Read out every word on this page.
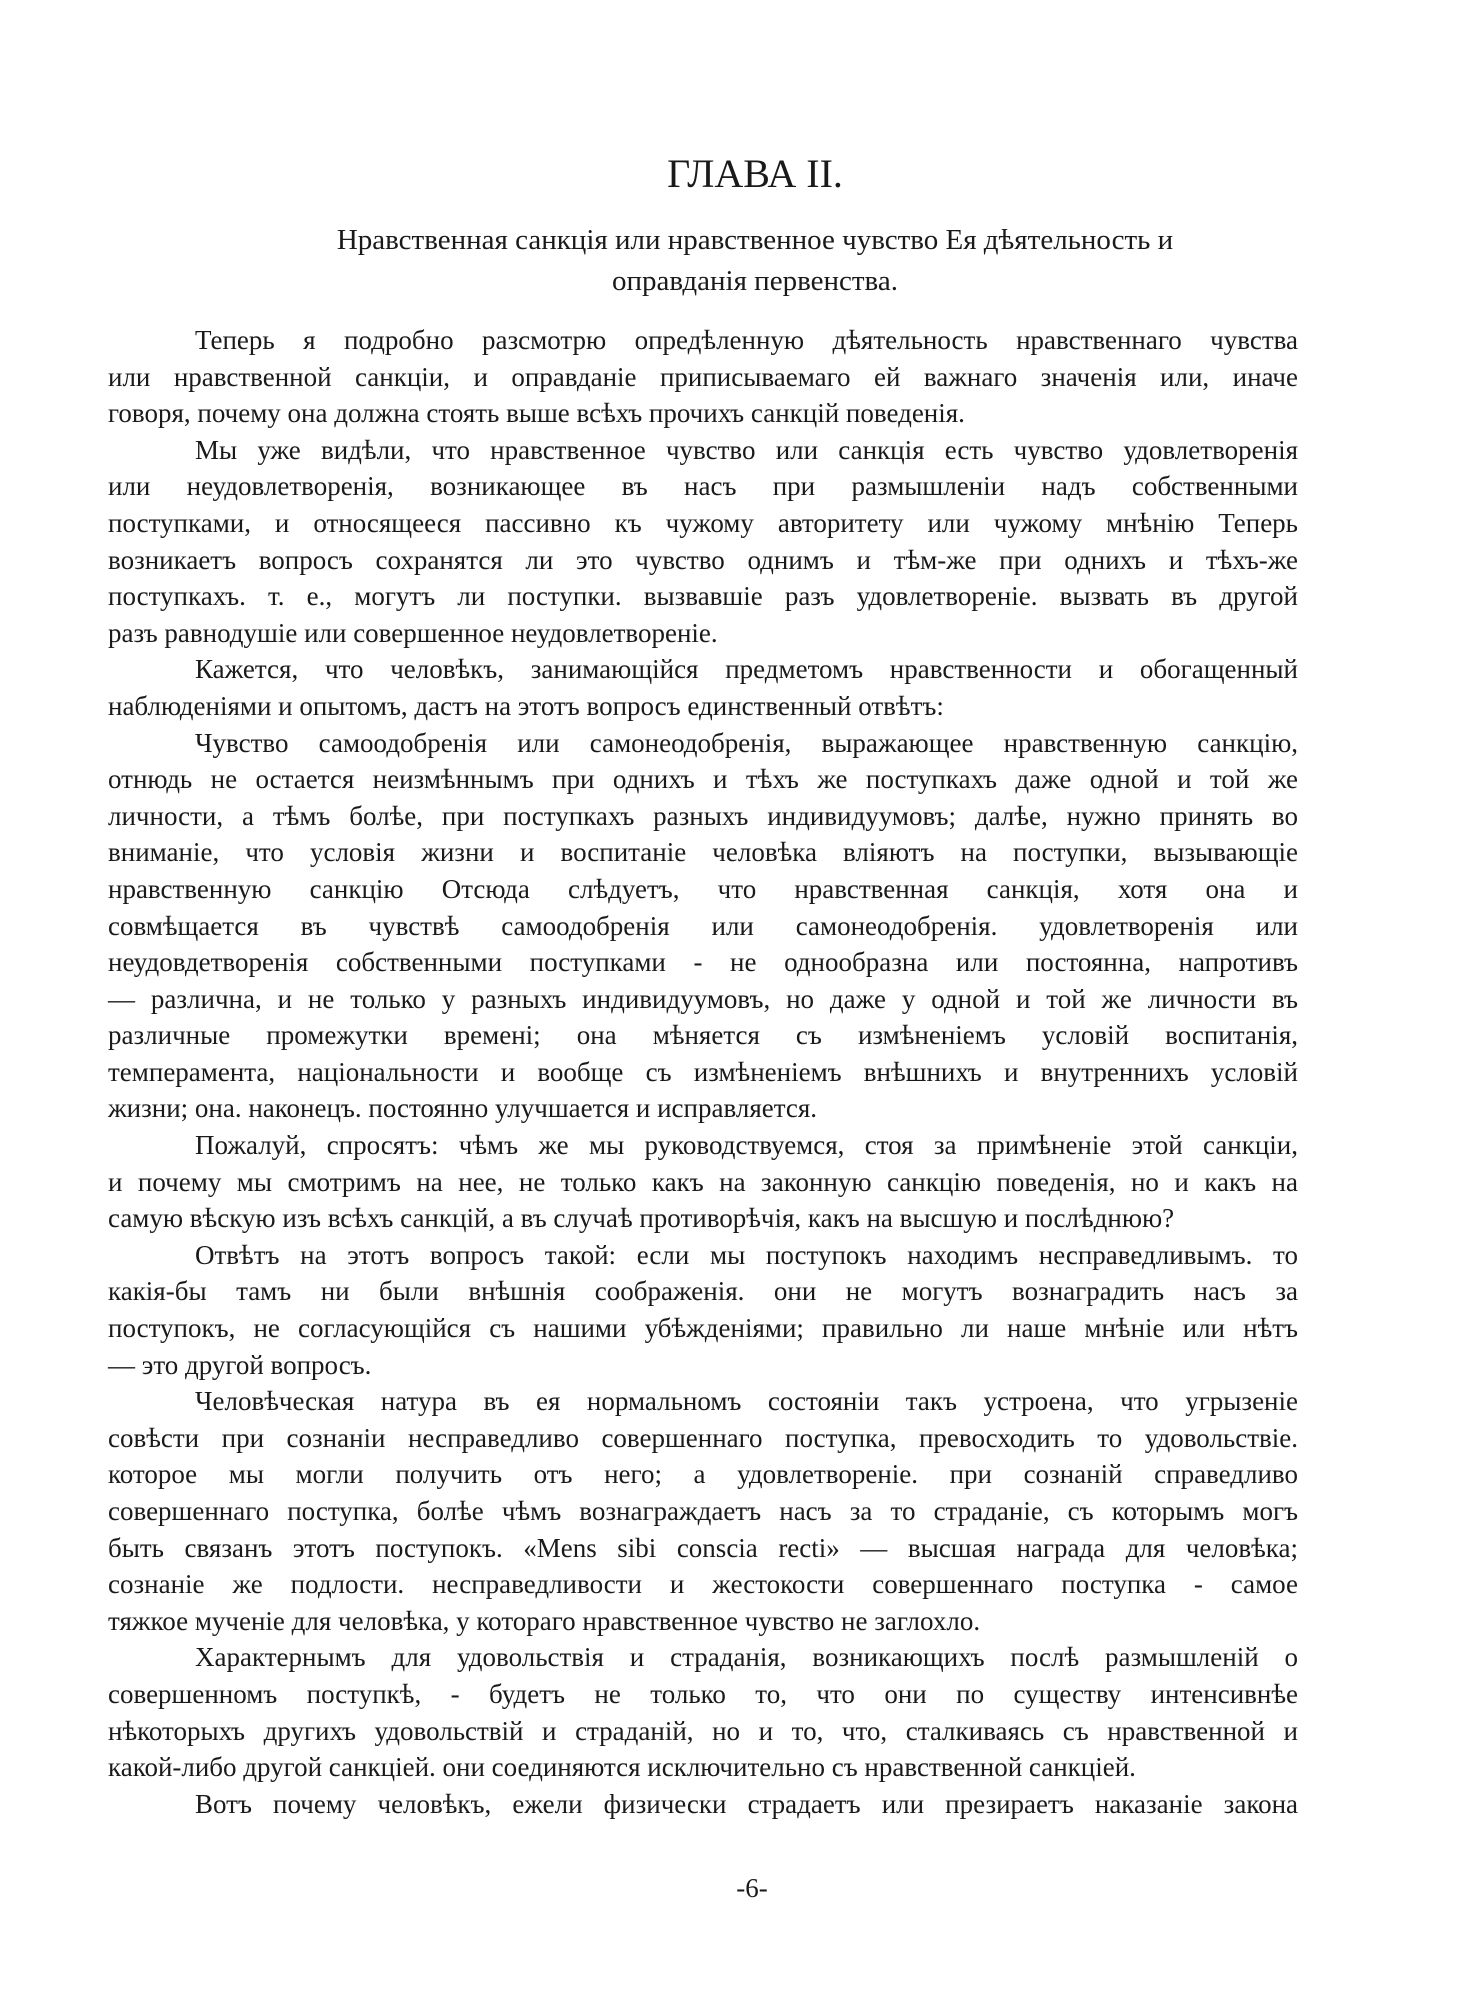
ГЛАВА II.
Нравственная санкція или нравственное чувство Ея дѣятельность и
оправданія первенства.
Теперь я подробно разсмотрю опредѣленную дѣятельность нравственнаго чувства
или нравственной санкціи, и оправданіе приписываемаго ей важнаго значенія или, иначе
говоря, почему она должна стоять выше всѣхъ прочихъ санкцій поведенія.
Мы уже видѣли, что нравственное чувство или санкція есть чувство удовлетворенія
или неудовлетворенія, возникающее въ насъ при размышленіи надъ собственными
поступками, и относящееся пассивно къ чужому авторитету или чужому мнѣнію Теперь
возникаетъ вопросъ сохранятся ли это чувство однимъ и тѣм-же при однихъ и тѣхъ-же
поступкахъ. т. е., могутъ ли поступки. вызвавшіе разъ удовлетвореніе. вызвать въ другой
разъ равнодушіе или совершенное неудовлетвореніе.
Кажется, что человѣкъ, занимающійся предметомъ нравственности и обогащенный
наблюденіями и опытомъ, дастъ на этотъ вопросъ единственный отвѣтъ:
Чувство самоодобренія или самонеодобренія, выражающее нравственную санкцію,
отнюдь не остается неизмѣннымъ при однихъ и тѣхъ же поступкахъ даже одной и той же
личности, а тѣмъ болѣе, при поступкахъ разныхъ индивидуумовъ; далѣе, нужно принять во
вниманіе, что условія жизни и воспитаніе человѣка вліяютъ на поступки, вызывающіе
нравственную санкцію Отсюда слѣдуетъ, что нравственная санкція, хотя она и
совмѣщается въ чувствѣ самоодобренія или самонеодобренія. удовлетворенія или
неудовдетворенія собственными поступками - не однообразна или постоянна, напротивъ
— различна, и не только у разныхъ индивидуумовъ, но даже у одной и той же личности въ
различные промежутки времені; она мѣняется съ измѣненіемъ условій воспитанія,
темперамента, національности и вообще съ измѣненіемъ внѣшнихъ и внутреннихъ условій
жизни; она. наконецъ. постоянно улучшается и исправляется.
Пожалуй, спросятъ: чѣмъ же мы руководствуемся, стоя за примѣненіе этой санкціи,
и почему мы смотримъ на нее, не только какъ на законную санкцію поведенія, но и какъ на
самую вѣскую изъ всѣхъ санкцій, а въ случаѣ противорѣчія, какъ на высшую и послѣднюю?
Отвѣтъ на этотъ вопросъ такой: если мы поступокъ находимъ несправедливымъ. то
какія-бы тамъ ни были внѣшнія соображенія. они не могутъ вознаградить насъ за
поступокъ, не согласующійся съ нашими убѣжденіями; правильно ли наше мнѣніе или нѣтъ
— это другой вопросъ.
Человѣческая натура въ ея нормальномъ состояніи такъ устроена, что угрызеніе
совѣсти при сознаніи несправедливо совершеннаго поступка, превосходить то удовольствіе.
которое мы могли получить отъ него; а удовлетвореніе. при сознаній справедливо
совершеннаго поступка, болѣе чѣмъ вознаграждаетъ насъ за то страданіе, съ которымъ могъ
быть связанъ этотъ поступокъ. «Mens sibi conscia recti» — высшая награда для человѣка;
сознаніе же подлости. несправедливости и жестокости совершеннаго поступка - самое
тяжкое мученіе для человѣка, у котораго нравственное чувство не заглохло.
Характернымъ для удовольствія и страданія, возникающихъ послѣ размышленій о
совершенномъ поступкѣ, - будетъ не только то, что они по существу интенсивнѣе
нѣкоторыхъ другихъ удовольствій и страданій, но и то, что, сталкиваясь съ нравственной и
какой-либо другой санкціей. они соединяются исключительно съ нравственной санкціей.
Вотъ почему человѣкъ, ежели физически страдаетъ или презираетъ наказаніе закона
-6-
